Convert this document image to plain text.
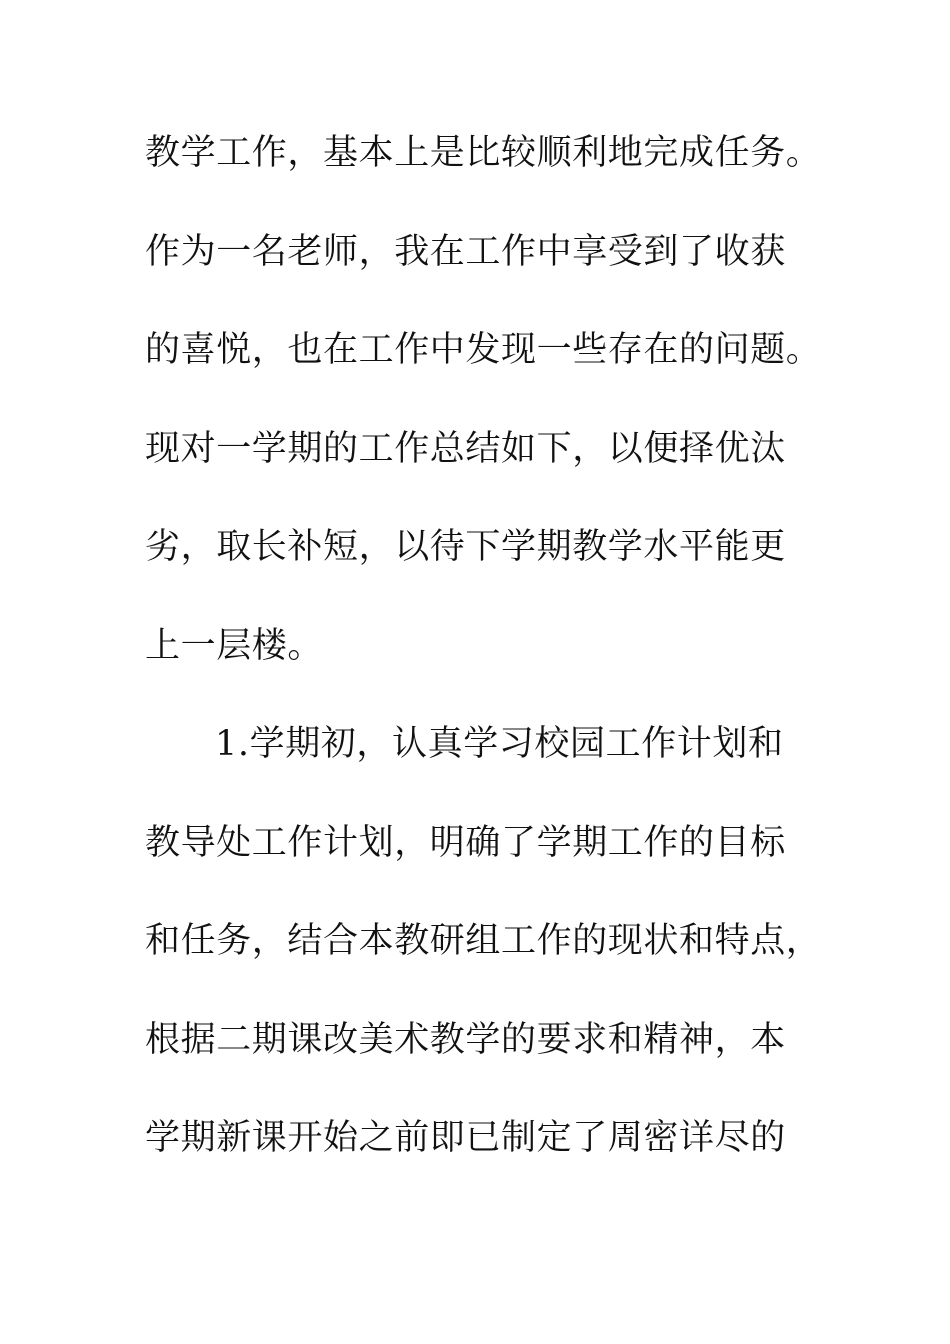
教学工作，基本上是比较顺利地完成任务。
作为一名老师，我在工作中享受到了收获
的喜悦，也在工作中发现一些存在的问题。
现对一学期的工作总结如下，以便择优汰
劣，取长补短，以待下学期教学水平能更
上一层楼。
1.学期初，认真学习校园工作计划和
教导处工作计划，明确了学期工作的目标
和任务，结合本教研组工作的现状和特点，
根据二期课改美术教学的要求和精神，本
学期新课开始之前即已制定了周密详尽的
